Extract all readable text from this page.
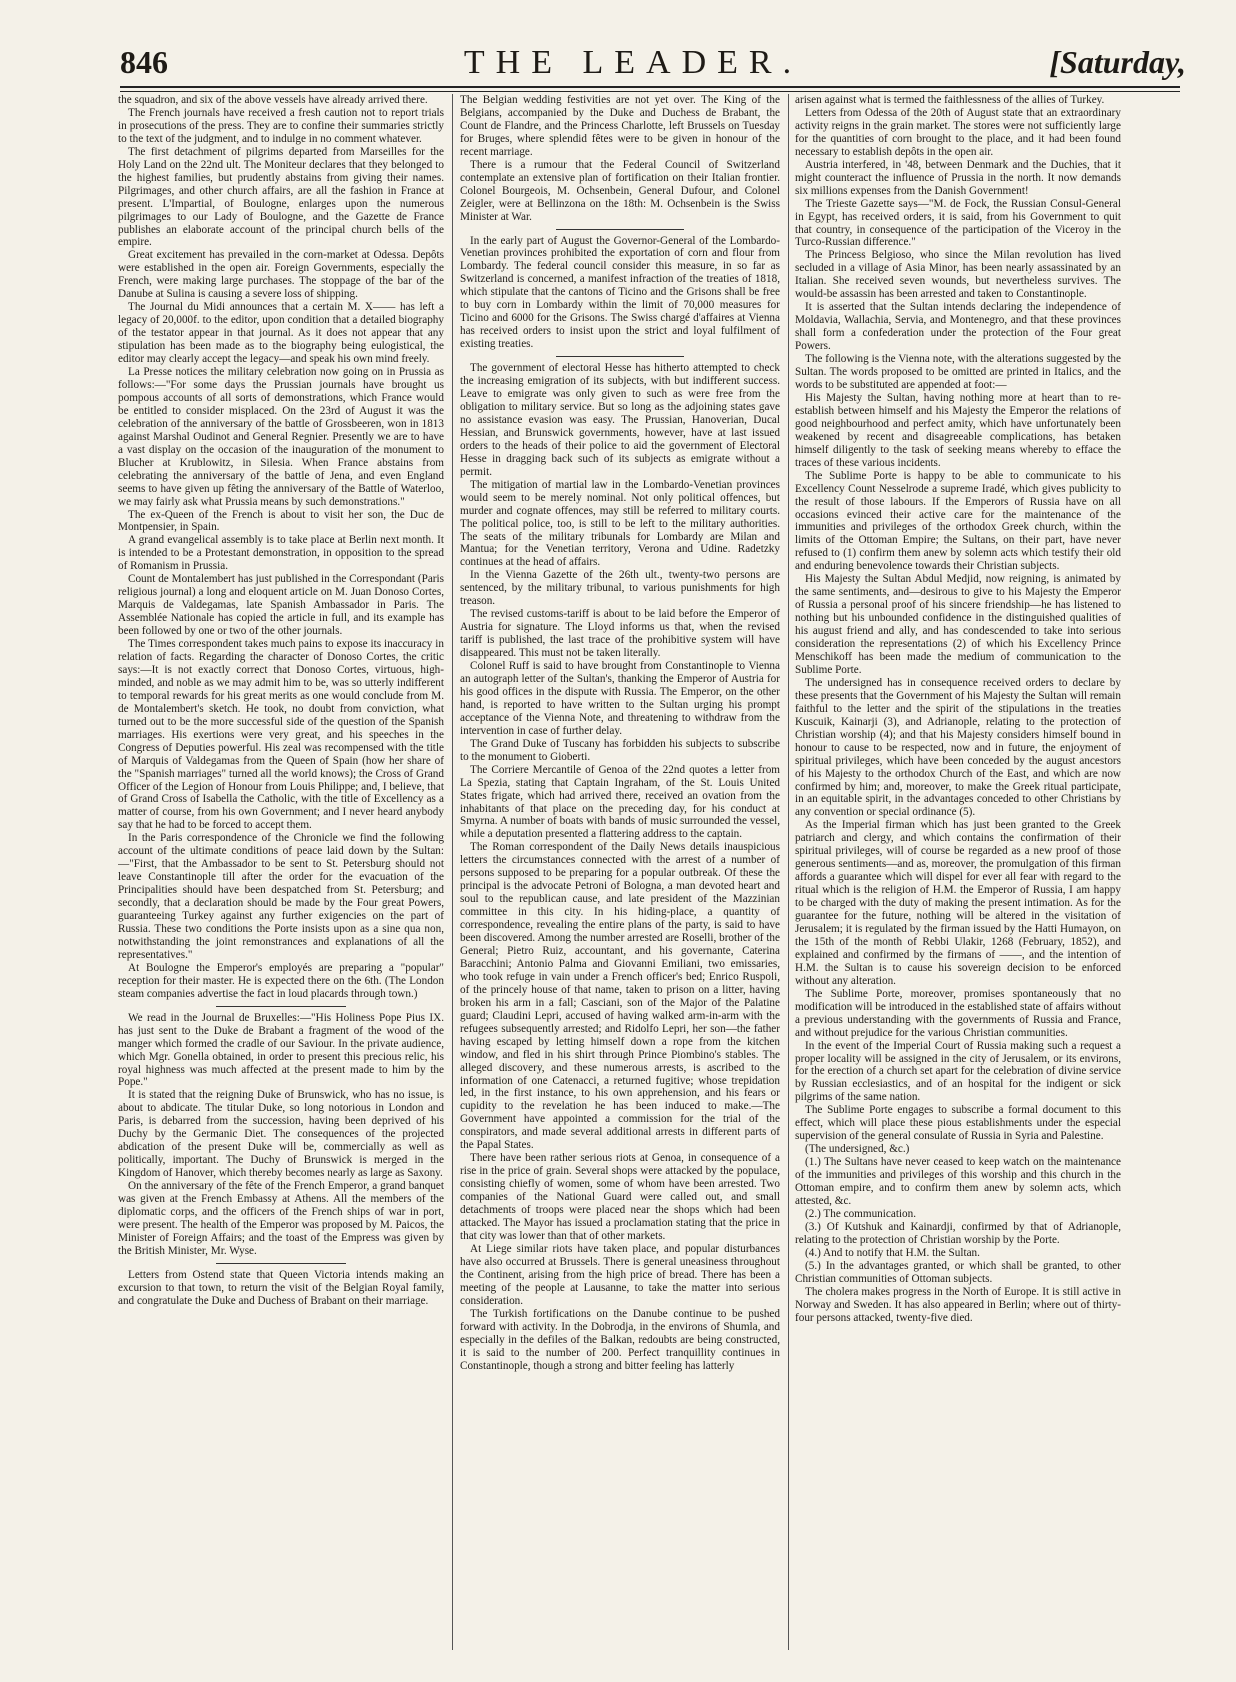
846	THE LEADER.	[Saturday,

the squadron, and six of the above vessels have already arrived there.

The French journals have received a fresh caution not to report trials in prosecutions of the press. They are to confine their summaries strictly to the text of the judgment, and to indulge in no comment whatever.

The first detachment of pilgrims departed from Marseilles for the Holy Land on the 22nd ult. The Moniteur declares that they belonged to the highest families, but prudently abstains from giving their names. Pilgrimages, and other church affairs, are all the fashion in France at present. L'Impartial, of Boulogne, enlarges upon the numerous pilgrimages to our Lady of Boulogne, and the Gazette de France publishes an elaborate account of the principal church bells of the empire.

Great excitement has prevailed in the corn-market at Odessa. Depôts were established in the open air. Foreign Governments, especially the French, were making large purchases. The stoppage of the bar of the Danube at Sulina is causing a severe loss of shipping.

The Journal du Midi announces that a certain M. X—— has left a legacy of 20,000f. to the editor, upon condition that a detailed biography of the testator appear in that journal. As it does not appear that any stipulation has been made as to the biography being eulogistical, the editor may clearly accept the legacy—and speak his own mind freely.

La Presse notices the military celebration now going on in Prussia as follows:—"For some days the Prussian journals have brought us pompous accounts of all sorts of demonstrations, which France would be entitled to consider misplaced. On the 23rd of August it was the celebration of the anniversary of the battle of Grossbeeren, won in 1813 against Marshal Oudinot and General Regnier. Presently we are to have a vast display on the occasion of the inauguration of the monument to Blucher at Krublowitz, in Silesia. When France abstains from celebrating the anniversary of the battle of Jena, and even England seems to have given up fêting the anniversary of the Battle of Waterloo, we may fairly ask what Prussia means by such demonstrations."

The ex-Queen of the French is about to visit her son, the Duc de Montpensier, in Spain.

A grand evangelical assembly is to take place at Berlin next month. It is intended to be a Protestant demonstration, in opposition to the spread of Romanism in Prussia.

Count de Montalembert has just published in the Correspondant (Paris religious journal) a long and eloquent article on M. Juan Donoso Cortes, Marquis de Valdegamas, late Spanish Ambassador in Paris. The Assemblée Nationale has copied the article in full, and its example has been followed by one or two of the other journals.

The Times correspondent takes much pains to expose its inaccuracy in relation of facts. Regarding the character of Donoso Cortes, the critic says:—It is not exactly correct that Donoso Cortes, virtuous, high-minded, and noble as we may admit him to be, was so utterly indifferent to temporal rewards for his great merits as one would conclude from M. de Montalembert's sketch. He took, no doubt from conviction, what turned out to be the more successful side of the question of the Spanish marriages. His exertions were very great, and his speeches in the Congress of Deputies powerful. His zeal was recompensed with the title of Marquis of Valdegamas from the Queen of Spain (how her share of the "Spanish marriages" turned all the world knows); the Cross of Grand Officer of the Legion of Honour from Louis Philippe; and, I believe, that of Grand Cross of Isabella the Catholic, with the title of Excellency as a matter of course, from his own Government; and I never heard anybody say that he had to be forced to accept them.

In the Paris correspondence of the Chronicle we find the following account of the ultimate conditions of peace laid down by the Sultan:—"First, that the Ambassador to be sent to St. Petersburg should not leave Constantinople till after the order for the evacuation of the Principalities should have been despatched from St. Petersburg; and secondly, that a declaration should be made by the Four great Powers, guaranteeing Turkey against any further exigencies on the part of Russia. These two conditions the Porte insists upon as a sine qua non, notwithstanding the joint remonstrances and explanations of all the representatives."

At Boulogne the Emperor's employés are preparing a "popular" reception for their master. He is expected there on the 6th. (The London steam companies advertise the fact in loud placards through town.)

We read in the Journal de Bruxelles:—"His Holiness Pope Pius IX. has just sent to the Duke de Brabant a fragment of the wood of the manger which formed the cradle of our Saviour. In the private audience, which Mgr. Gonella obtained, in order to present this precious relic, his royal highness was much affected at the present made to him by the Pope."

It is stated that the reigning Duke of Brunswick, who has no issue, is about to abdicate. The titular Duke, so long notorious in London and Paris, is debarred from the succession, having been deprived of his Duchy by the Germanic Diet. The consequences of the projected abdication of the present Duke will be, commercially as well as politically, important. The Duchy of Brunswick is merged in the Kingdom of Hanover, which thereby becomes nearly as large as Saxony.

On the anniversary of the fête of the French Emperor, a grand banquet was given at the French Embassy at Athens. All the members of the diplomatic corps, and the officers of the French ships of war in port, were present. The health of the Emperor was proposed by M. Paicos, the Minister of Foreign Affairs; and the toast of the Empress was given by the British Minister, Mr. Wyse.

Letters from Ostend state that Queen Victoria intends making an excursion to that town, to return the visit of the Belgian Royal family, and congratulate the Duke and Duchess of Brabant on their marriage.

The Belgian wedding festivities are not yet over. The King of the Belgians, accompanied by the Duke and Duchess de Brabant, the Count de Flandre, and the Princess Charlotte, left Brussels on Tuesday for Bruges, where splendid fêtes were to be given in honour of the recent marriage.

There is a rumour that the Federal Council of Switzerland contemplate an extensive plan of fortification on their Italian frontier. Colonel Bourgeois, M. Ochsenbein, General Dufour, and Colonel Zeigler, were at Bellinzona on the 18th: M. Ochsenbein is the Swiss Minister at War.

In the early part of August the Governor-General of the Lombardo-Venetian provinces prohibited the exportation of corn and flour from Lombardy. The federal council consider this measure, in so far as Switzerland is concerned, a manifest infraction of the treaties of 1818, which stipulate that the cantons of Ticino and the Grisons shall be free to buy corn in Lombardy within the limit of 70,000 measures for Ticino and 6000 for the Grisons. The Swiss chargé d'affaires at Vienna has received orders to insist upon the strict and loyal fulfilment of existing treaties.

The government of electoral Hesse has hitherto attempted to check the increasing emigration of its subjects, with but indifferent success. Leave to emigrate was only given to such as were free from the obligation to military service. But so long as the adjoining states gave no assistance evasion was easy. The Prussian, Hanoverian, Ducal Hessian, and Brunswick governments, however, have at last issued orders to the heads of their police to aid the government of Electoral Hesse in dragging back such of its subjects as emigrate without a permit.

The mitigation of martial law in the Lombardo-Venetian provinces would seem to be merely nominal. Not only political offences, but murder and cognate offences, may still be referred to military courts. The political police, too, is still to be left to the military authorities. The seats of the military tribunals for Lombardy are Milan and Mantua; for the Venetian territory, Verona and Udine. Radetzky continues at the head of affairs.

In the Vienna Gazette of the 26th ult., twenty-two persons are sentenced, by the military tribunal, to various punishments for high treason.

The revised customs-tariff is about to be laid before the Emperor of Austria for signature. The Lloyd informs us that, when the revised tariff is published, the last trace of the prohibitive system will have disappeared. This must not be taken literally.

Colonel Ruff is said to have brought from Constantinople to Vienna an autograph letter of the Sultan's, thanking the Emperor of Austria for his good offices in the dispute with Russia. The Emperor, on the other hand, is reported to have written to the Sultan urging his prompt acceptance of the Vienna Note, and threatening to withdraw from the intervention in case of further delay.

The Grand Duke of Tuscany has forbidden his subjects to subscribe to the monument to Gioberti.

The Corriere Mercantile of Genoa of the 22nd quotes a letter from La Spezia, stating that Captain Ingraham, of the St. Louis United States frigate, which had arrived there, received an ovation from the inhabitants of that place on the preceding day, for his conduct at Smyrna. A number of boats with bands of music surrounded the vessel, while a deputation presented a flattering address to the captain.

The Roman correspondent of the Daily News details inauspicious letters the circumstances connected with the arrest of a number of persons supposed to be preparing for a popular outbreak. Of these the principal is the advocate Petroni of Bologna, a man devoted heart and soul to the republican cause, and late president of the Mazzinian committee in this city. In his hiding-place, a quantity of correspondence, revealing the entire plans of the party, is said to have been discovered. Among the number arrested are Roselli, brother of the General; Pietro Ruiz, accountant, and his governante, Caterina Baracchini; Antonio Palma and Giovanni Emiliani, two emissaries, who took refuge in vain under a French officer's bed; Enrico Ruspoli, of the princely house of that name, taken to prison on a litter, having broken his arm in a fall; Casciani, son of the Major of the Palatine guard; Claudini Lepri, accused of having walked arm-in-arm with the refugees subsequently arrested; and Ridolfo Lepri, her son—the father having escaped by letting himself down a rope from the kitchen window, and fled in his shirt through Prince Piombino's stables. The alleged discovery, and these numerous arrests, is ascribed to the information of one Catenacci, a returned fugitive; whose trepidation led, in the first instance, to his own apprehension, and his fears or cupidity to the revelation he has been induced to make.—The Government have appointed a commission for the trial of the conspirators, and made several additional arrests in different parts of the Papal States.

There have been rather serious riots at Genoa, in consequence of a rise in the price of grain. Several shops were attacked by the populace, consisting chiefly of women, some of whom have been arrested. Two companies of the National Guard were called out, and small detachments of troops were placed near the shops which had been attacked. The Mayor has issued a proclamation stating that the price in that city was lower than that of other markets.

At Liege similar riots have taken place, and popular disturbances have also occurred at Brussels. There is general uneasiness throughout the Continent, arising from the high price of bread. There has been a meeting of the people at Lausanne, to take the matter into serious consideration.

The Turkish fortifications on the Danube continue to be pushed forward with activity. In the Dobrodja, in the environs of Shumla, and especially in the defiles of the Balkan, redoubts are being constructed, it is said to the number of 200. Perfect tranquillity continues in Constantinople, though a strong and bitter feeling has latterly

arisen against what is termed the faithlessness of the allies of Turkey.

Letters from Odessa of the 20th of August state that an extraordinary activity reigns in the grain market. The stores were not sufficiently large for the quantities of corn brought to the place, and it had been found necessary to establish depôts in the open air.

Austria interfered, in '48, between Denmark and the Duchies, that it might counteract the influence of Prussia in the north. It now demands six millions expenses from the Danish Government!

The Trieste Gazette says—"M. de Fock, the Russian Consul-General in Egypt, has received orders, it is said, from his Government to quit that country, in consequence of the participation of the Viceroy in the Turco-Russian difference."

The Princess Belgioso, who since the Milan revolution has lived secluded in a village of Asia Minor, has been nearly assassinated by an Italian. She received seven wounds, but nevertheless survives. The would-be assassin has been arrested and taken to Constantinople.

It is asserted that the Sultan intends declaring the independence of Moldavia, Wallachia, Servia, and Montenegro, and that these provinces shall form a confederation under the protection of the Four great Powers.

The following is the Vienna note, with the alterations suggested by the Sultan. The words proposed to be omitted are printed in Italics, and the words to be substituted are appended at foot:—

His Majesty the Sultan, having nothing more at heart than to re-establish between himself and his Majesty the Emperor the relations of good neighbourhood and perfect amity, which have unfortunately been weakened by recent and disagreeable complications, has betaken himself diligently to the task of seeking means whereby to efface the traces of these various incidents.

The Sublime Porte is happy to be able to communicate to his Excellency Count Nesselrode a supreme Iradé, which gives publicity to the result of those labours. If the Emperors of Russia have on all occasions evinced their active care for the maintenance of the immunities and privileges of the orthodox Greek church, within the limits of the Ottoman Empire; the Sultans, on their part, have never refused to (1) confirm them anew by solemn acts which testify their old and enduring benevolence towards their Christian subjects.

His Majesty the Sultan Abdul Medjid, now reigning, is animated by the same sentiments, and—desirous to give to his Majesty the Emperor of Russia a personal proof of his sincere friendship—he has listened to nothing but his unbounded confidence in the distinguished qualities of his august friend and ally, and has condescended to take into serious consideration the representations (2) of which his Excellency Prince Menschikoff has been made the medium of communication to the Sublime Porte.

The undersigned has in consequence received orders to declare by these presents that the Government of his Majesty the Sultan will remain faithful to the letter and the spirit of the stipulations in the treaties Kuscuik, Kainarji (3), and Adrianople, relating to the protection of Christian worship (4); and that his Majesty considers himself bound in honour to cause to be respected, now and in future, the enjoyment of spiritual privileges, which have been conceded by the august ancestors of his Majesty to the orthodox Church of the East, and which are now confirmed by him; and, moreover, to make the Greek ritual participate, in an equitable spirit, in the advantages conceded to other Christians by any convention or special ordinance (5).

As the Imperial firman which has just been granted to the Greek patriarch and clergy, and which contains the confirmation of their spiritual privileges, will of course be regarded as a new proof of those generous sentiments—and as, moreover, the promulgation of this firman affords a guarantee which will dispel for ever all fear with regard to the ritual which is the religion of H.M. the Emperor of Russia, I am happy to be charged with the duty of making the present intimation. As for the guarantee for the future, nothing will be altered in the visitation of Jerusalem; it is regulated by the firman issued by the Hatti Humayon, on the 15th of the month of Rebbi Ulakir, 1268 (February, 1852), and explained and confirmed by the firmans of ——, and the intention of H.M. the Sultan is to cause his sovereign decision to be enforced without any alteration.

The Sublime Porte, moreover, promises spontaneously that no modification will be introduced in the established state of affairs without a previous understanding with the governments of Russia and France, and without prejudice for the various Christian communities.

In the event of the Imperial Court of Russia making such a request a proper locality will be assigned in the city of Jerusalem, or its environs, for the erection of a church set apart for the celebration of divine service by Russian ecclesiastics, and of an hospital for the indigent or sick pilgrims of the same nation.

The Sublime Porte engages to subscribe a formal document to this effect, which will place these pious establishments under the especial supervision of the general consulate of Russia in Syria and Palestine.

(The undersigned, &c.)

(1.) The Sultans have never ceased to keep watch on the maintenance of the immunities and privileges of this worship and this church in the Ottoman empire, and to confirm them anew by solemn acts, which attested, &c.

(2.) The communication.

(3.) Of Kutshuk and Kainardji, confirmed by that of Adrianople, relating to the protection of Christian worship by the Porte.

(4.) And to notify that H.M. the Sultan.

(5.) In the advantages granted, or which shall be granted, to other Christian communities of Ottoman subjects.

The cholera makes progress in the North of Europe. It is still active in Norway and Sweden. It has also appeared in Berlin; where out of thirty-four persons attacked, twenty-five died.
